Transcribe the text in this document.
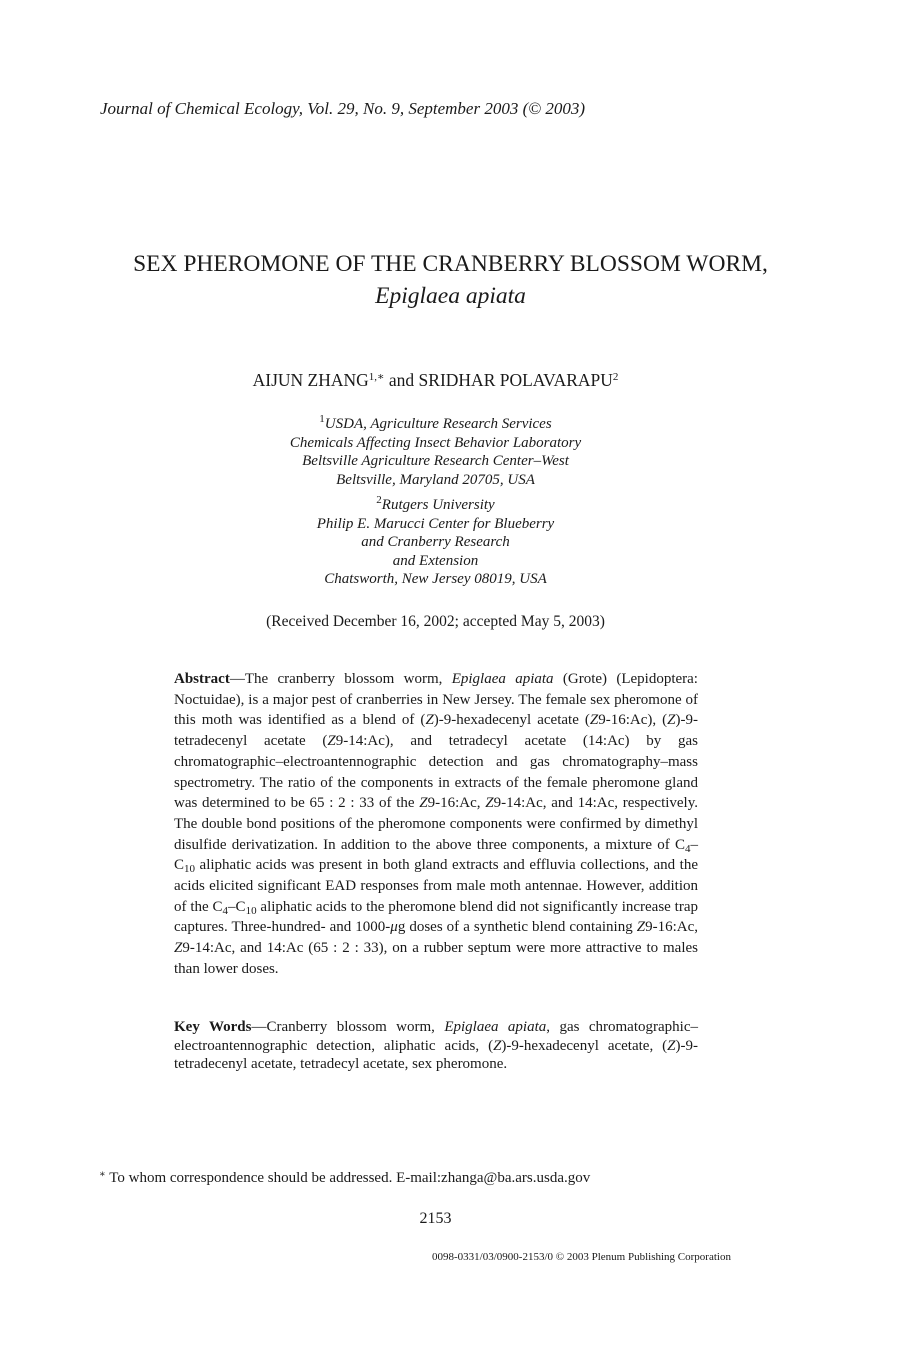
Journal of Chemical Ecology, Vol. 29, No. 9, September 2003 (© 2003)
SEX PHEROMONE OF THE CRANBERRY BLOSSOM WORM,
Epiglaea apiata
AIJUN $ZHANG^{1,∗}$ and SRIDHAR POLAVARAPU$^2$
$^1$USDA, Agriculture Research Services
Chemicals Affecting Insect Behavior Laboratory
Beltsville Agriculture Research Center–West
Beltsville, Maryland 20705, USA
$^2$Rutgers University
Philip E. Marucci Center for Blueberry
and Cranberry Research
and Extension
Chatsworth, New Jersey 08019, USA
(Received December 16, 2002; accepted May 5, 2003)
Abstract—The cranberry blossom worm, Epiglaea apiata (Grote) (Lepidoptera: Noctuidae), is a major pest of cranberries in New Jersey. The female sex pheromone of this moth was identified as a blend of (Z)-9-hexadecenyl acetate (Z9-16:Ac), (Z)-9-tetradecenyl acetate (Z9-14:Ac), and tetradecyl acetate (14:Ac) by gas chromatographic–electroantennographic detection and gas chromatography–mass spectrometry. The ratio of the components in extracts of the female pheromone gland was determined to be 65 : 2 : 33 of the Z9-16:Ac, Z9-14:Ac, and 14:Ac, respectively. The double bond positions of the pheromone components were confirmed by dimethyl disulfide derivatization. In addition to the above three components, a mixture of $C_4-C_{10}$ aliphatic acids was present in both gland extracts and effluvia collections, and the acids elicited significant EAD responses from male moth antennae. However, addition of the $C_4-C_{10}$ aliphatic acids to the pheromone blend did not significantly increase trap captures. Three-hundred- and 1000-μg doses of a synthetic blend containing Z9-16:Ac, Z9-14:Ac, and 14:Ac (65 : 2 : 33), on a rubber septum were more attractive to males than lower doses.
Key Words—Cranberry blossom worm, Epiglaea apiata, gas chromatographic–electroantennographic detection, aliphatic acids, (Z)-9-hexadecenyl acetate, (Z)-9-tetradecenyl acetate, tetradecyl acetate, sex pheromone.
∗ To whom correspondence should be addressed. E-mail:zhanga@ba.ars.usda.gov
2153
0098-0331/03/0900-2153/0 © 2003 Plenum Publishing Corporation
